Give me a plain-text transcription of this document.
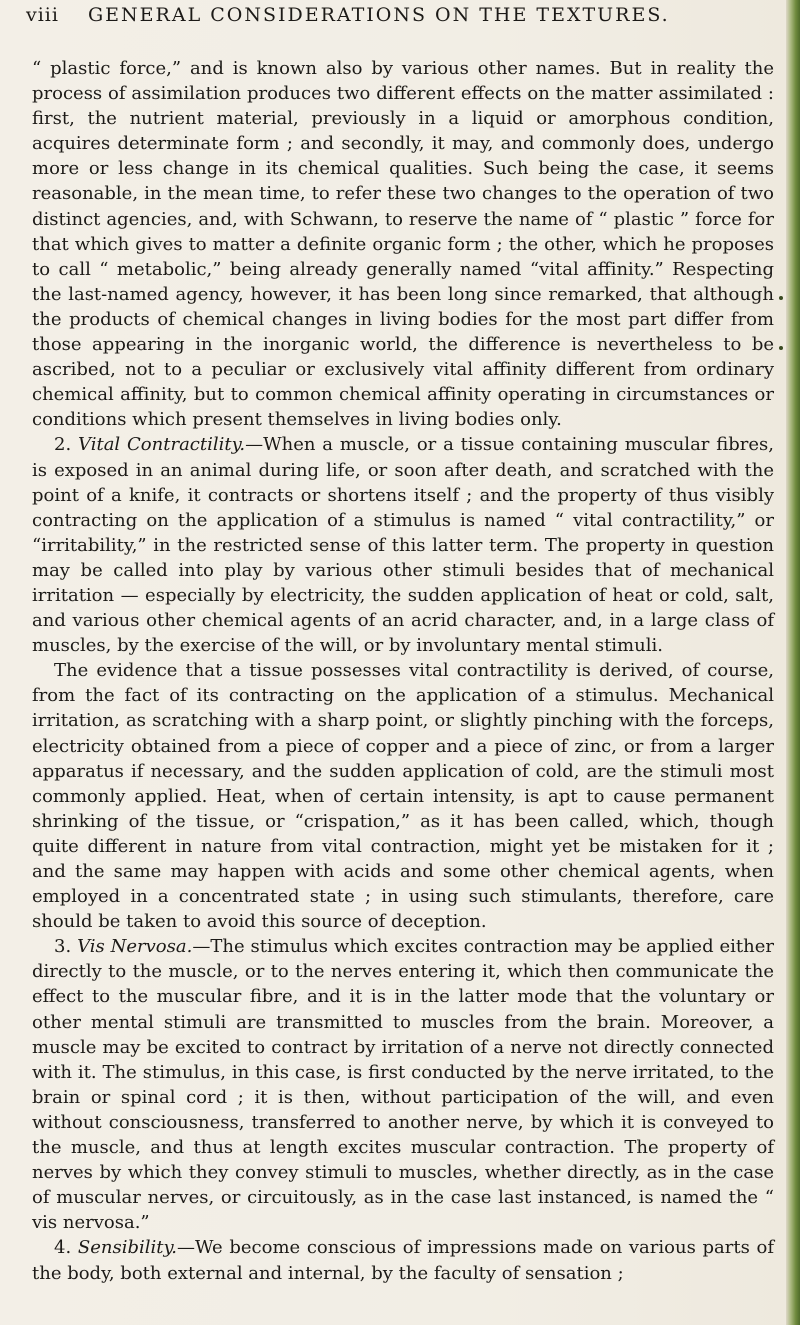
viii GENERAL CONSIDERATIONS ON THE TEXTURES.

“ plastic force,” and is known also by various other names. But in reality the process of assimilation produces two different effects on the matter assimilated : first, the nutrient material, previously in a liquid or amorphous condition, acquires determinate form ; and secondly, it may, and commonly does, undergo more or less change in its chemical qualities. Such being the case, it seems reasonable, in the mean time, to refer these two changes to the operation of two distinct agencies, and, with Schwann, to reserve the name of “ plastic ” force for that which gives to matter a definite organic form ; the other, which he proposes to call “ metabolic,” being already generally named “vital affinity.” Respecting the last-named agency, however, it has been long since remarked, that although the products of chemical changes in living bodies for the most part differ from those appearing in the inorganic world, the difference is nevertheless to be ascribed, not to a peculiar or exclusively vital affinity different from ordinary chemical affinity, but to common chemical affinity operating in circumstances or conditions which present themselves in living bodies only.

2. Vital Contractility.—When a muscle, or a tissue containing muscular fibres, is exposed in an animal during life, or soon after death, and scratched with the point of a knife, it contracts or shortens itself ; and the property of thus visibly contracting on the application of a stimulus is named “ vital contractility,” or “irritability,” in the restricted sense of this latter term. The property in question may be called into play by various other stimuli besides that of mechanical irritation — especially by electricity, the sudden application of heat or cold, salt, and various other chemical agents of an acrid character, and, in a large class of muscles, by the exercise of the will, or by involuntary mental stimuli.

The evidence that a tissue possesses vital contractility is derived, of course, from the fact of its contracting on the application of a stimulus. Mechanical irritation, as scratching with a sharp point, or slightly pinching with the forceps, electricity obtained from a piece of copper and a piece of zinc, or from a larger apparatus if necessary, and the sudden application of cold, are the stimuli most commonly applied. Heat, when of certain intensity, is apt to cause permanent shrinking of the tissue, or “crispation,” as it has been called, which, though quite different in nature from vital contraction, might yet be mistaken for it ; and the same may happen with acids and some other chemical agents, when employed in a concentrated state ; in using such stimulants, therefore, care should be taken to avoid this source of deception.

3. Vis Nervosa.—The stimulus which excites contraction may be applied either directly to the muscle, or to the nerves entering it, which then communicate the effect to the muscular fibre, and it is in the latter mode that the voluntary or other mental stimuli are transmitted to muscles from the brain. Moreover, a muscle may be excited to contract by irritation of a nerve not directly connected with it. The stimulus, in this case, is first conducted by the nerve irritated, to the brain or spinal cord ; it is then, without participation of the will, and even without consciousness, transferred to another nerve, by which it is conveyed to the muscle, and thus at length excites muscular contraction. The property of nerves by which they convey stimuli to muscles, whether directly, as in the case of muscular nerves, or circuitously, as in the case last instanced, is named the “ vis nervosa.”

4. Sensibility.—We become conscious of impressions made on various parts of the body, both external and internal, by the faculty of sensation ;
